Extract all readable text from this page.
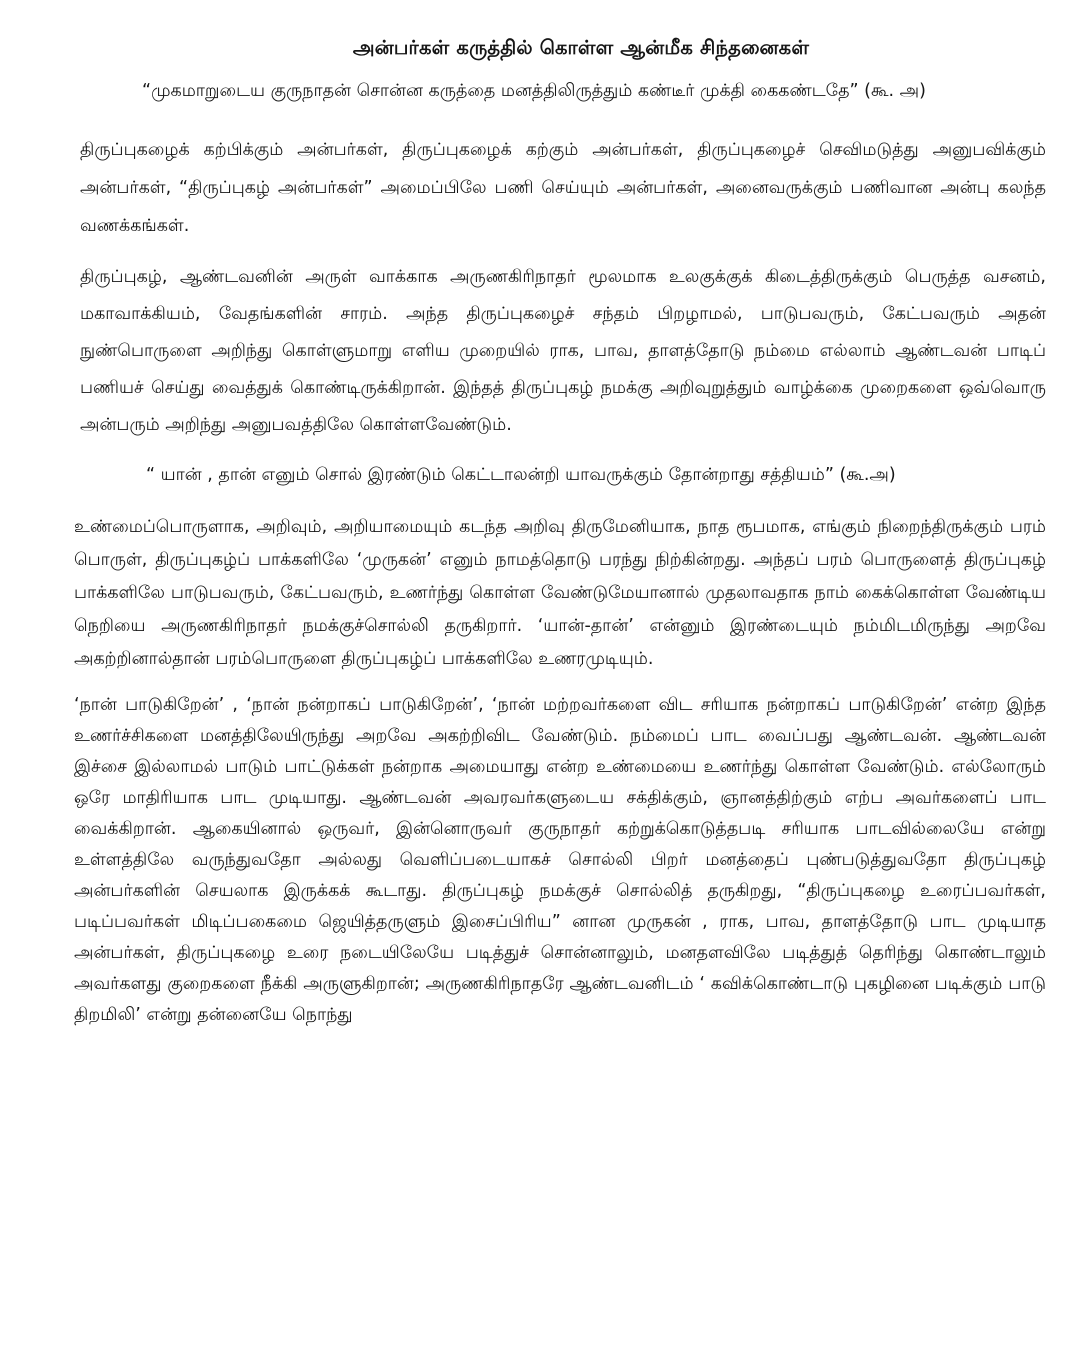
அன்பர்கள் கருத்தில் கொள்ள ஆன்மீக சிந்தனைகள்
“முகமாறுடைய குருநாதன் சொன்ன கருத்தை மனத்திலிருத்தும் கண்டீர் முக்தி கைகண்டதே” (கூ. அ)

திருப்புகழைக் கற்பிக்கும் அன்பர்கள், திருப்புகழைக் கற்கும் அன்பர்கள், திருப்புகழைச் செவிமடுத்து அனுபவிக்கும் அன்பர்கள், “திருப்புகழ் அன்பர்கள்” அமைப்பிலே பணி செய்யும் அன்பர்கள், அனைவருக்கும் பணிவான அன்பு கலந்த வணக்கங்கள்.

திருப்புகழ், ஆண்டவனின் அருள் வாக்காக அருணகிரிநாதர் மூலமாக உலகுக்குக் கிடைத்திருக்கும் பெருத்த வசனம், மகாவாக்கியம், வேதங்களின் சாரம். அந்த திருப்புகழைச் சந்தம் பிறழாமல், பாடுபவரும், கேட்பவரும் அதன் நுண்பொருளை அறிந்து கொள்ளுமாறு எளிய முறையில் ராக, பாவ, தாளத்தோடு நம்மை எல்லாம் ஆண்டவன் பாடிப் பணியச் செய்து வைத்துக் கொண்டிருக்கிறான். இந்தத் திருப்புகழ் நமக்கு அறிவுறுத்தும் வாழ்க்கை முறைகளை ஒவ்வொரு அன்பரும் அறிந்து அனுபவத்திலே கொள்ளவேண்டும்.

“ யான் , தான் எனும் சொல் இரண்டும் கெட்டாலன்றி யாவருக்கும் தோன்றாது சத்தியம்” (கூ.அ)

உண்மைப்பொருளாக, அறிவும், அறியாமையும் கடந்த அறிவு திருமேனியாக, நாத ரூபமாக, எங்கும் நிறைந்திருக்கும் பரம் பொருள், திருப்புகழ்ப் பாக்களிலே ‘முருகன்’ எனும் நாமத்தொடு பரந்து நிற்கின்றது. அந்தப் பரம் பொருளைத் திருப்புகழ் பாக்களிலே பாடுபவரும், கேட்பவரும், உணர்ந்து கொள்ள வேண்டுமேயானால் முதலாவதாக நாம் கைக்கொள்ள வேண்டிய நெறியை அருணகிரிநாதர் நமக்குச்சொல்லி தருகிறார். ‘யான்-தான்’ என்னும் இரண்டையும் நம்மிடமிருந்து அறவே அகற்றினால்தான் பரம்பொருளை திருப்புகழ்ப் பாக்களிலே உணரமுடியும்.

‘நான் பாடுகிறேன்’ , ‘நான் நன்றாகப் பாடுகிறேன்’, ‘நான் மற்றவர்களை விட சரியாக நன்றாகப் பாடுகிறேன்’ என்ற இந்த உணர்ச்சிகளை மனத்திலேயிருந்து அறவே அகற்றிவிட வேண்டும். நம்மைப் பாட வைப்பது ஆண்டவன். ஆண்டவன் இச்சை இல்லாமல் பாடும் பாட்டுக்கள் நன்றாக அமையாது என்ற உண்மையை உணர்ந்து கொள்ள வேண்டும். எல்லோரும் ஒரே மாதிரியாக பாட முடியாது. ஆண்டவன் அவரவர்களுடைய சக்திக்கும், ஞானத்திற்கும் எற்ப அவர்களைப் பாட வைக்கிறான். ஆகையினால் ஒருவர், இன்னொருவர் குருநாதர் கற்றுக்கொடுத்தபடி சரியாக பாடவில்லையே என்று உள்ளத்திலே வருந்துவதோ அல்லது வெளிப்படையாகச் சொல்லி பிறர் மனத்தைப் புண்படுத்துவதோ திருப்புகழ் அன்பர்களின் செயலாக இருக்கக் கூடாது. திருப்புகழ் நமக்குச் சொல்லித் தருகிறது, “திருப்புகழை உரைப்பவர்கள், படிப்பவர்கள் மிடிப்பகைமை ஜெயித்தருளும் இசைப்பிரிய” னான முருகன் , ராக, பாவ, தாளத்தோடு பாட முடியாத அன்பர்கள், திருப்புகழை உரை நடையிலேயே படித்துச் சொன்னாலும், மனதளவிலே படித்துத் தெரிந்து கொண்டாலும் அவர்களது குறைகளை நீக்கி அருளுகிறான்; அருணகிரிநாதரே ஆண்டவனிடம் ‘ கவிக்கொண்டாடு புகழினை படிக்கும் பாடு திறமிலி’ என்று தன்னையே நொந்து
